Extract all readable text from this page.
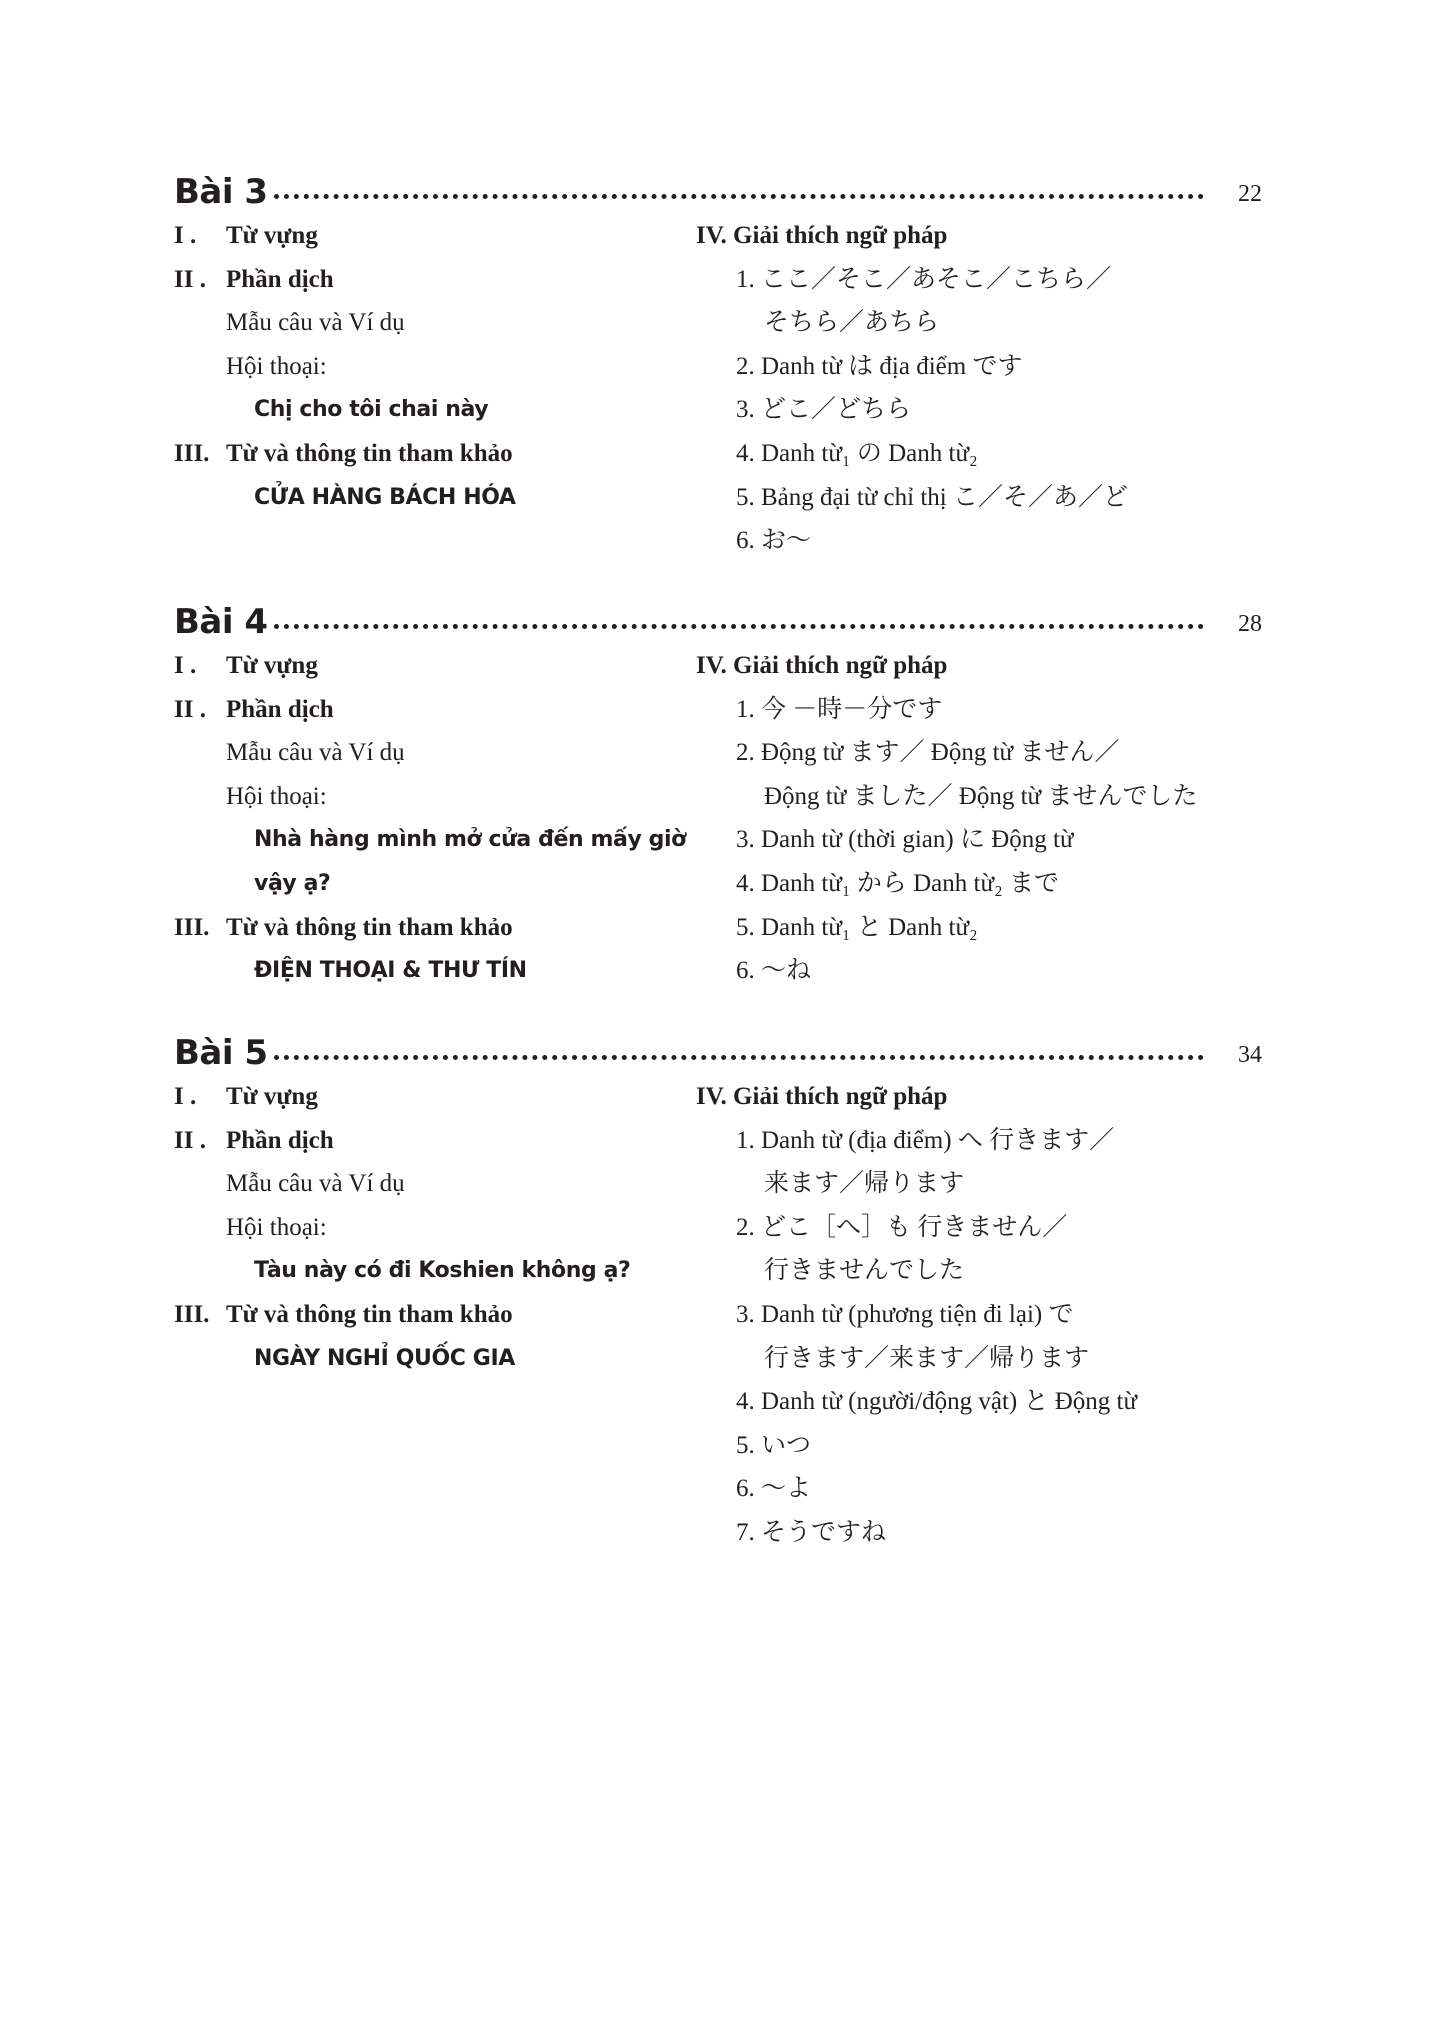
Bài 3	22
I .	Từ vựng
II . Phần dịch
Mẫu câu và Ví dụ
Hội thoại:
Chị cho tôi chai này
III. Từ và thông tin tham khảo
CỬA HÀNG BÁCH HÓA
IV. Giải thích ngữ pháp
1. ここ／そこ／あそこ／こちら／
そちら／あちら
2. Danh từ は địa điểm です
3. どこ／どちら
4. Danh từ₁ の Danh từ₂
5. Bảng đại từ chỉ thị こ／そ／あ／ど
6. お～
Bài 4	28
I .	Từ vựng
II . Phần dịch
Mẫu câu và Ví dụ
Hội thoại:
Nhà hàng mình mở cửa đến mấy giờ
vậy ạ?
III. Từ và thông tin tham khảo
ĐIỆN THOẠI & THƯ TÍN
IV. Giải thích ngữ pháp
1. 今 －時－分です
2. Động từ ます／ Động từ ません／
Động từ ました／ Động từ ませんでした
3. Danh từ (thời gian) に Động từ
4. Danh từ₁ から Danh từ₂ まで
5. Danh từ₁ と Danh từ₂
6. ～ね
Bài 5	34
I .	Từ vựng
II . Phần dịch
Mẫu câu và Ví dụ
Hội thoại:
Tàu này có đi Koshien không ạ?
III. Từ và thông tin tham khảo
NGÀY NGHỈ QUỐC GIA
IV. Giải thích ngữ pháp
1. Danh từ (địa điểm) へ 行きます／
来ます／帰ります
2. どこ［へ］も 行きません／
行きませんでした
3. Danh từ (phương tiện đi lại) で
行きます／来ます／帰ります
4. Danh từ (người/động vật) と Động từ
5. いつ
6. ～よ
7. そうですね
